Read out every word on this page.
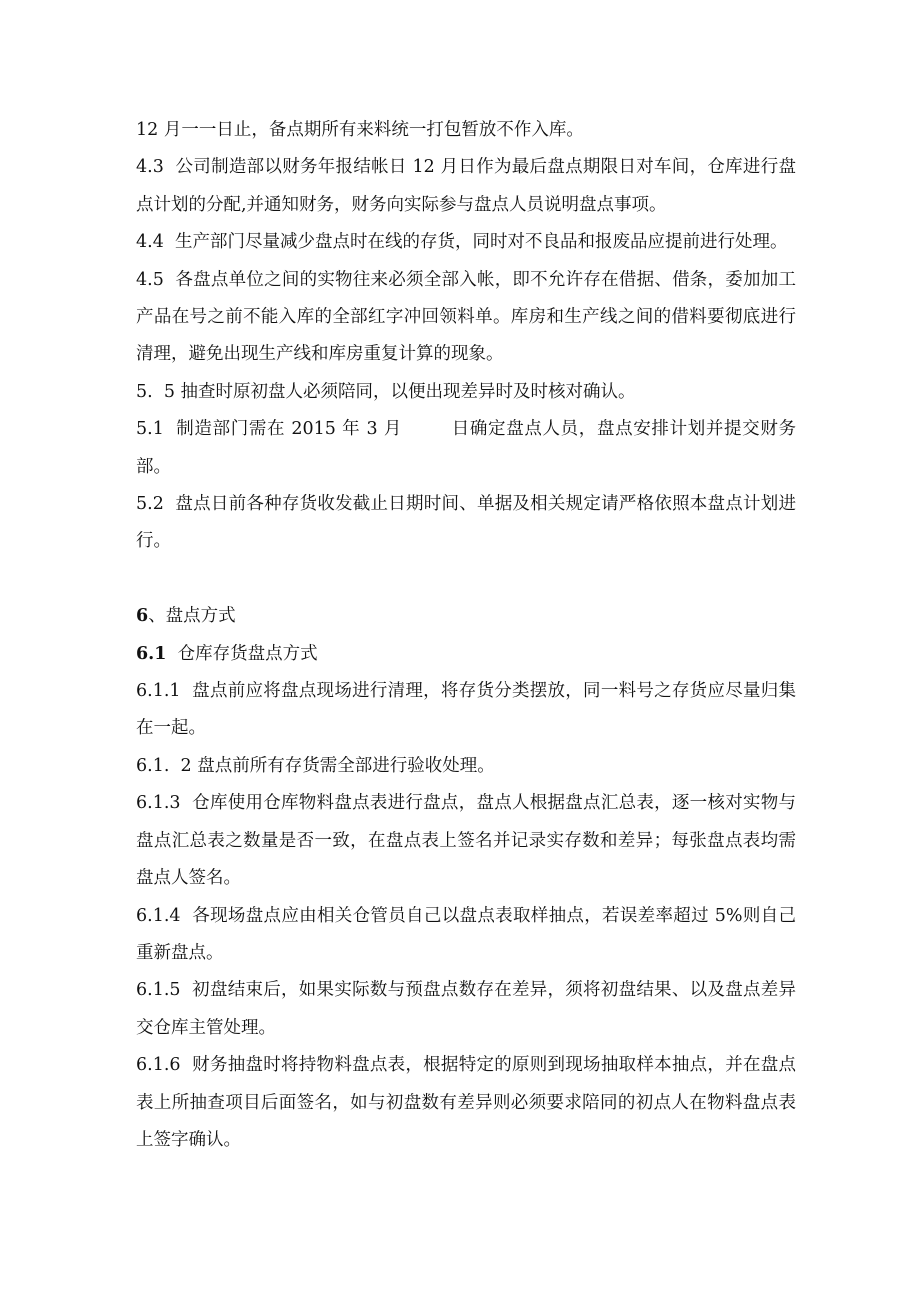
12 月一一日止，备点期所有来料统一打包暂放不作入库。

4.3  公司制造部以财务年报结帐日 12 月日作为最后盘点期限日对车间，仓库进行盘点计划的分配,并通知财务，财务向实际参与盘点人员说明盘点事项。

4.4  生产部门尽量减少盘点时在线的存货，同时对不良品和报废品应提前进行处理。

4.5  各盘点单位之间的实物往来必须全部入帐，即不允许存在借据、借条，委加加工产品在号之前不能入库的全部红字冲回领料单。库房和生产线之间的借料要彻底进行清理，避免出现生产线和库房重复计算的现象。

5.  5 抽查时原初盘人必须陪同，以便出现差异时及时核对确认。

5.1  制造部门需在 2015 年 3 月        日确定盘点人员，盘点安排计划并提交财务部。

5.2  盘点日前各种存货收发截止日期时间、单据及相关规定请严格依照本盘点计划进行。

6、盘点方式

6.1  仓库存货盘点方式

6.1.1  盘点前应将盘点现场进行清理，将存货分类摆放，同一料号之存货应尽量归集在一起。

6.1.  2 盘点前所有存货需全部进行验收处理。

6.1.3  仓库使用仓库物料盘点表进行盘点，盘点人根据盘点汇总表，逐一核对实物与盘点汇总表之数量是否一致，在盘点表上签名并记录实存数和差异；每张盘点表均需盘点人签名。

6.1.4  各现场盘点应由相关仓管员自己以盘点表取样抽点，若误差率超过 5%则自己重新盘点。

6.1.5  初盘结束后，如果实际数与预盘点数存在差异，须将初盘结果、以及盘点差异交仓库主管处理。

6.1.6  财务抽盘时将持物料盘点表，根据特定的原则到现场抽取样本抽点，并在盘点表上所抽查项目后面签名，如与初盘数有差异则必须要求陪同的初点人在物料盘点表上签字确认。
